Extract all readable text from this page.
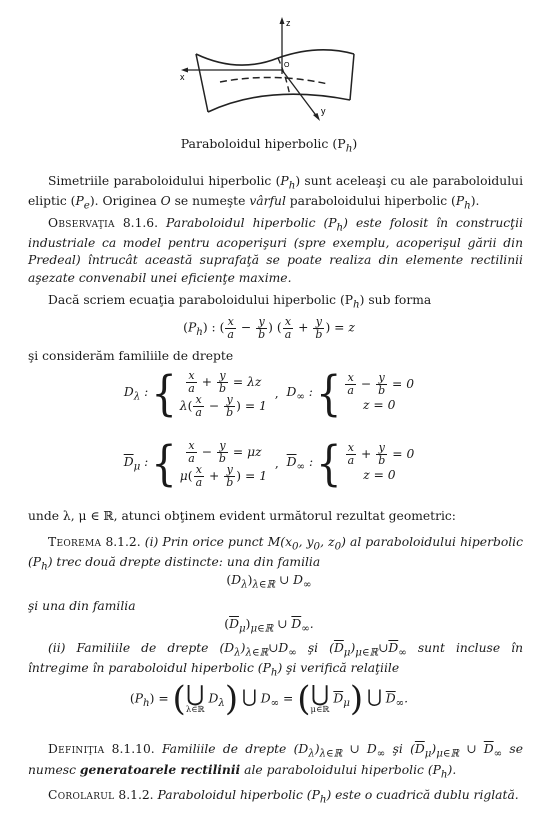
z
x
y
O
Paraboloidul hiperbolic $(P_h)$
Simetriile paraboloidului hiperbolic $(P_h)$ sunt aceleaşi cu ale paraboloidului eliptic $(P_e)$. Originea O se numeşte vârful paraboloidului hiperbolic $(P_h)$.
Observaţia 8.1.6. Paraboloidul hiperbolic $(P_h)$ este folosit în construcţii industriale ca model pentru acoperişuri (spre exemplu, acoperişul gării din Predeal) întrucât această suprafaţă se poate realiza din elemente rectilinii aşezate convenabil unei eficienţe maxime.
Dacă scriem ecuaţia paraboloidului hiperbolic $(P_h)$ sub forma
$(P_h)$ : ( $\frac{x}{a} - \frac{y}{b}$ ) ( $\frac{x}{a} + \frac{y}{b}$ ) = z
şi considerăm familiile de drepte
$D_\lambda$ : { $\frac{x}{a} + \frac{y}{b} = \lambda z$
$\lambda( \frac{x}{a} - \frac{y}{b}$ ) = 1
, $D_\infty$ : { $\frac{x}{a} - \frac{y}{b} = 0$
z = 0
$\overline{D}_\mu$ : { $\frac{x}{a} - \frac{y}{b} = \mu z$
$\mu( \frac{x}{a} + \frac{y}{b}$ ) = 1
, $\overline{D}_\infty$ : { $\frac{x}{a} + \frac{y}{b} = 0$
z = 0
unde λ, μ ∈ ℝ, atunci obţinem evident următorul rezultat geometric:
Teorema 8.1.2. (i) Prin orice punct $M(x_0$, $y_0$, $z_0$) al paraboloidului hiperbolic $(P_h)$ trec două drepte distincte: una din familia
$(D_\lambda)_{\lambda\in ℝ}$ ∪ $D_\infty$
şi una din familia
$(\overline{D}_\mu)_{\mu\in ℝ}$ ∪ $\overline{D}_\infty$.
(ii) Familiile de drepte $(D_\lambda)_{\lambda\in ℝ}\cup D_\infty$ şi $(\overline{D}_\mu)_{\mu\in ℝ}\cup\overline{D}_\infty$ sunt incluse în întregime în paraboloidul hiperbolic $(P_h)$ şi verifică relaţiile
$(P_h)$ = ( ⋃
λ∈ℝ
$D_\lambda$) ⋃ $D_\infty$ = ( ⋃
μ∈ℝ
$\overline{D}_\mu$) ⋃ $\overline{D}_\infty$.
Definiţia 8.1.10. Familiile de drepte $(D_\lambda)_{\lambda\in ℝ}$ ∪ $D_\infty$ şi $(\overline{D}_\mu)_{\mu\in ℝ}$ ∪ $\overline{D}_\infty$ se numesc generatoarele rectilinii ale paraboloidului hiperbolic $(P_h)$.
Corolarul 8.1.2. Paraboloidul hiperbolic $(P_h)$ este o cuadrică dublu riglată.
